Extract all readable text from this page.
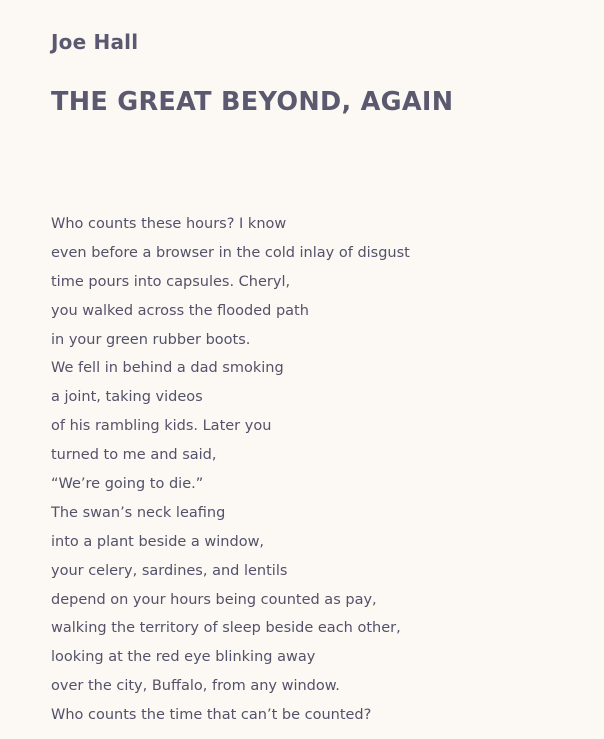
Joe Hall
THE GREAT BEYOND, AGAIN
Who counts these hours? I know
even before a browser in the cold inlay of disgust
time pours into capsules. Cheryl,
you walked across the flooded path
in your green rubber boots.
We fell in behind a dad smoking
a joint, taking videos
of his rambling kids. Later you
turned to me and said,
“We’re going to die.”
The swan’s neck leafing
into a plant beside a window,
your celery, sardines, and lentils
depend on your hours being counted as pay,
walking the territory of sleep beside each other,
looking at the red eye blinking away
over the city, Buffalo, from any window.
Who counts the time that can’t be counted?
